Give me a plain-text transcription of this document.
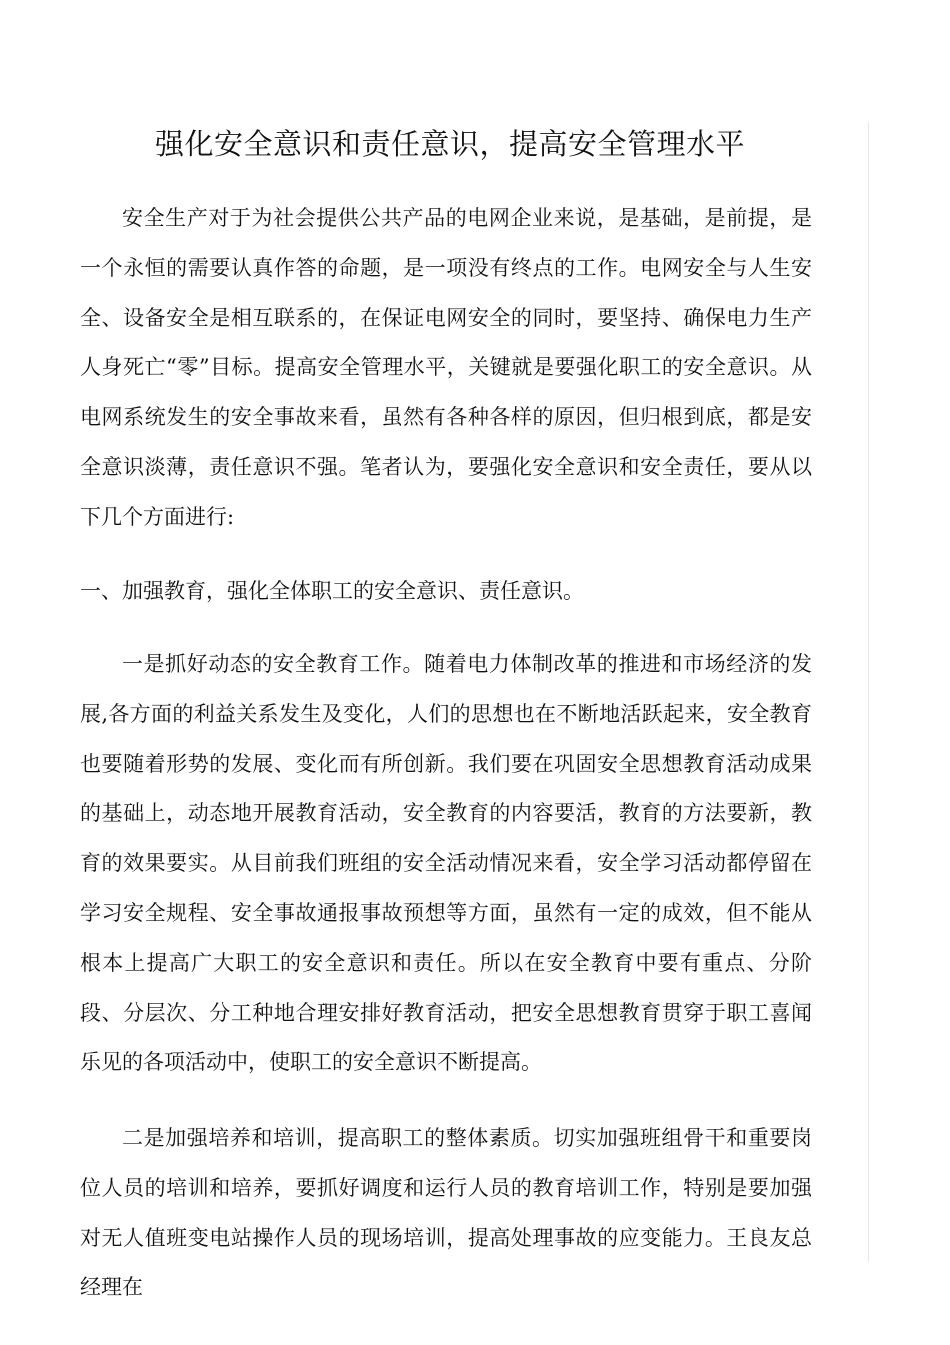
强化安全意识和责任意识，提高安全管理水平

安全生产对于为社会提供公共产品的电网企业来说，是基础，是前提，是一个永恒的需要认真作答的命题，是一项没有终点的工作。电网安全与人生安全、设备安全是相互联系的，在保证电网安全的同时，要坚持、确保电力生产人身死亡“零”目标。提高安全管理水平，关键就是要强化职工的安全意识。从电网系统发生的安全事故来看，虽然有各种各样的原因，但归根到底，都是安全意识淡薄，责任意识不强。笔者认为，要强化安全意识和安全责任，要从以下几个方面进行:

一、加强教育，强化全体职工的安全意识、责任意识。

一是抓好动态的安全教育工作。随着电力体制改革的推进和市场经济的发展,各方面的利益关系发生及变化，人们的思想也在不断地活跃起来，安全教育也要随着形势的发展、变化而有所创新。我们要在巩固安全思想教育活动成果的基础上，动态地开展教育活动，安全教育的内容要活，教育的方法要新，教育的效果要实。从目前我们班组的安全活动情况来看，安全学习活动都停留在学习安全规程、安全事故通报事故预想等方面，虽然有一定的成效，但不能从根本上提高广大职工的安全意识和责任。所以在安全教育中要有重点、分阶段、分层次、分工种地合理安排好教育活动，把安全思想教育贯穿于职工喜闻乐见的各项活动中，使职工的安全意识不断提高。

二是加强培养和培训，提高职工的整体素质。切实加强班组骨干和重要岗位人员的培训和培养，要抓好调度和运行人员的教育培训工作，特别是要加强对无人值班变电站操作人员的现场培训，提高处理事故的应变能力。王良友总经理在
